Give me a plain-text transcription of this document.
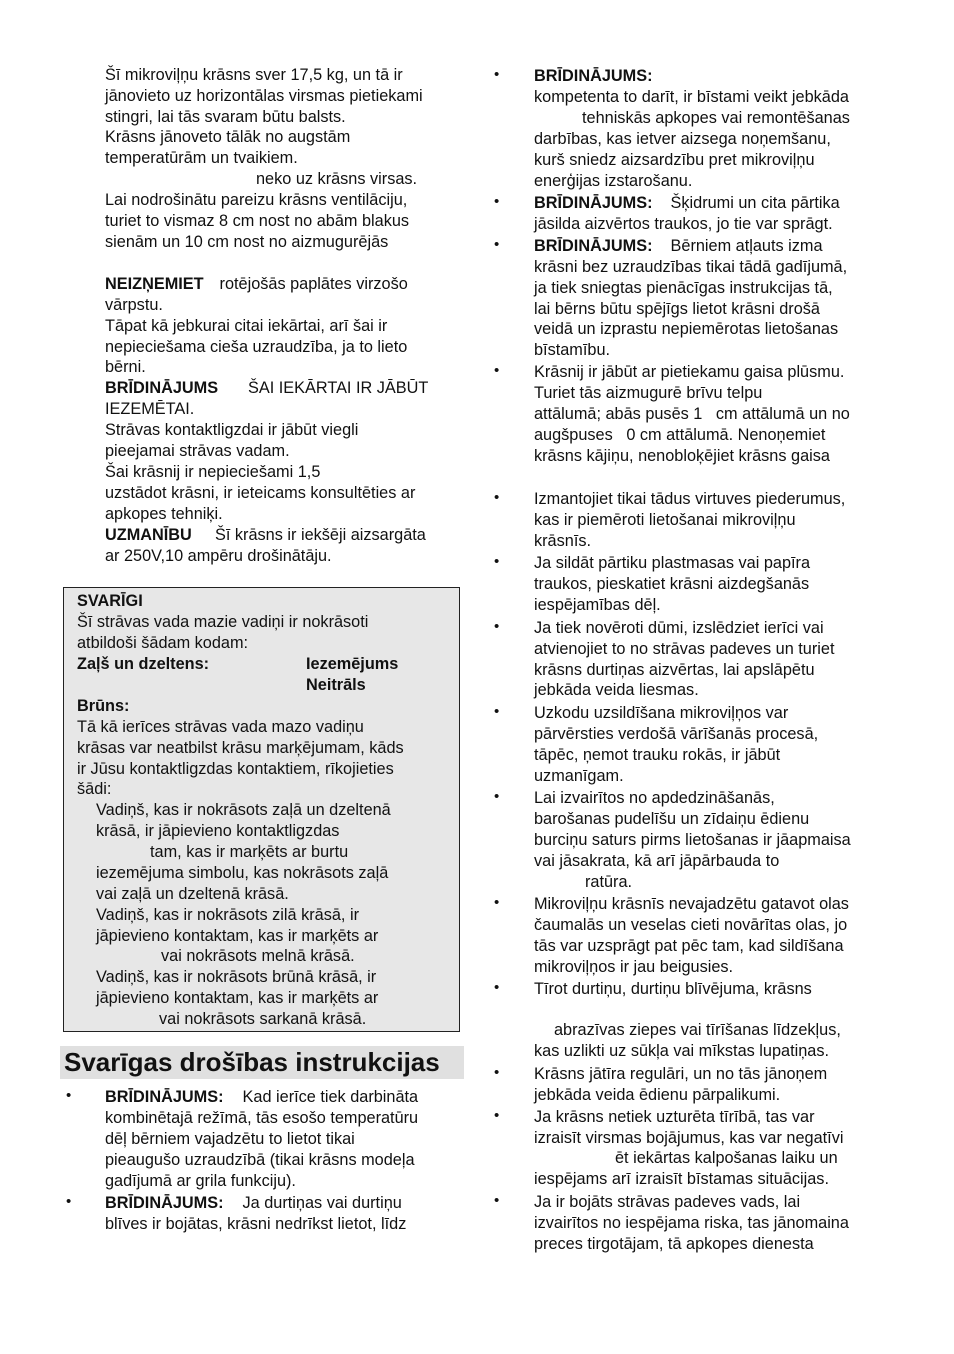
Šī mikroviļņu krāsns sver 17,5 kg, un tā ir
jānovieto uz horizontālas virsmas pietiekami
stingri, lai tās svaram būtu balsts.
Krāsns jānoveto tālāk no augstām
temperatūrām un tvaikiem.
neko uz krāsns virsas.
Lai nodrošinātu pareizu krāsns ventilāciju,
turiet to vismaz 8 cm nost no abām blakus
sienām un 10 cm nost no aizmugurējās
NEIZŅEMIET rotējošās paplātes virzošo
vārpstu.
Tāpat kā jebkurai citai iekārtai, arī šai ir
nepieciešama cieša uzraudzība, ja to lieto
bērni.
BRĪDINĀJUMS ŠAI IEKĀRTAI IR JĀBŪT
IEZEMĒTAI.
Strāvas kontaktligzdai ir jābūt viegli
pieejamai strāvas vadam.
Šai krāsnij ir nepieciešami 1,5
uzstādot krāsni, ir ieteicams konsultēties ar
apkopes tehniķi.
UZMANĪBU Šī krāsns ir iekšēji aizsargāta
ar 250V,10 ampēru drošinātāju.
SVARĪGI
Šī strāvas vada mazie vadiņi ir nokrāsoti
atbildoši šādam kodam:
Zaļš un dzeltens:	Iezemējums
Neitrāls
Brūns:
Tā kā ierīces strāvas vada mazo vadiņu
krāsas var neatbilst krāsu marķējumam, kāds
ir Jūsu kontaktligzdas kontaktiem, rīkojieties
šādi:
Vadiņš, kas ir nokrāsots zaļā un dzeltenā
krāsā, ir jāpievieno kontaktligzdas
tam, kas ir marķēts ar burtu
iezemējuma simbolu, kas nokrāsots zaļā
vai zaļā un dzeltenā krāsā.
Vadiņš, kas ir nokrāsots zilā krāsā, ir
jāpievieno kontaktam, kas ir marķēts ar
vai nokrāsots melnā krāsā.
Vadiņš, kas ir nokrāsots brūnā krāsā, ir
jāpievieno kontaktam, kas ir marķēts ar
vai nokrāsots sarkanā krāsā.
Svarīgas drošības instrukcijas
• BRĪDINĀJUMS: Kad ierīce tiek darbināta
kombinētajā režīmā, tās esošo temperatūru
dēļ bērniem vajadzētu to lietot tikai
pieaugušo uzraudzībā (tikai krāsns modeļa
gadījumā ar grila funkciju).
• BRĪDINĀJUMS: Ja durtiņas vai durtiņu
blīves ir bojātas, krāsni nedrīkst lietot, līdz
• BRĪDINĀJUMS:
kompetenta to darīt, ir bīstami veikt jebkāda
tehniskās apkopes vai remontēšanas
darbības, kas ietver aizsega noņemšanu,
kurš sniedz aizsardzību pret mikroviļņu
enerģijas izstarošanu.
• BRĪDINĀJUMS: Šķidrumi un cita pārtika
jāsilda aizvērtos traukos, jo tie var sprāgt.
• BRĪDINĀJUMS: Bērniem atļauts izma
krāsni bez uzraudzības tikai tādā gadījumā,
ja tiek sniegtas pienācīgas instrukcijas tā,
lai bērns būtu spējīgs lietot krāsni drošā
veidā un izprastu nepiemērotas lietošanas
bīstamību.
• Krāsnij ir jābūt ar pietiekamu gaisa plūsmu.
Turiet tās aizmugurē brīvu telpu
attālumā; abās pusēs 1   cm attālumā un no
augšpuses   0 cm attālumā. Nenoņemiet
krāsns kājiņu, nenobloķējiet krāsns gaisa
• Izmantojiet tikai tādus virtuves piederumus,
kas ir piemēroti lietošanai mikroviļņu
krāsnīs.
• Ja sildāt pārtiku plastmasas vai papīra
traukos, pieskatiet krāsni aizdegšanās
iespējamības dēļ.
• Ja tiek novēroti dūmi, izslēdziet ierīci vai
atvienojiet to no strāvas padeves un turiet
krāsns durtiņas aizvērtas, lai apslāpētu
jebkāda veida liesmas.
• Uzkodu uzsildīšana mikroviļņos var
pārvērsties verdošā vārīšanās procesā,
tāpēc, ņemot trauku rokās, ir jābūt
uzmanīgam.
• Lai izvairītos no apdedzināšanās,
barošanas pudelīšu un zīdaiņu ēdienu
burciņu saturs pirms lietošanas ir jāapmaisa
vai jāsakrata, kā arī jāpārbauda to
ratūra.
• Mikroviļņu krāsnīs nevajadzētu gatavot olas
čaumalās un veselas cieti novārītas olas, jo
tās var uzsprāgt pat pēc tam, kad sildīšana
mikroviļņos ir jau beigusies.
• Tīrot durtiņu, durtiņu blīvējuma, krāsns
abrazīvas ziepes vai tīrīšanas līdzekļus,
kas uzlikti uz sūkļa vai mīkstas lupatiņas.
• Krāsns jātīra regulāri, un no tās jānoņem
jebkāda veida ēdienu pārpalikumi.
• Ja krāsns netiek uzturēta tīrībā, tas var
izraisīt virsmas bojājumus, kas var negatīvi
ēt iekārtas kalpošanas laiku un
iespējams arī izraisīt bīstamas situācijas.
• Ja ir bojāts strāvas padeves vads, lai
izvairītos no iespējama riska, tas jānomaina
preces tirgotājam, tā apkopes dienesta
